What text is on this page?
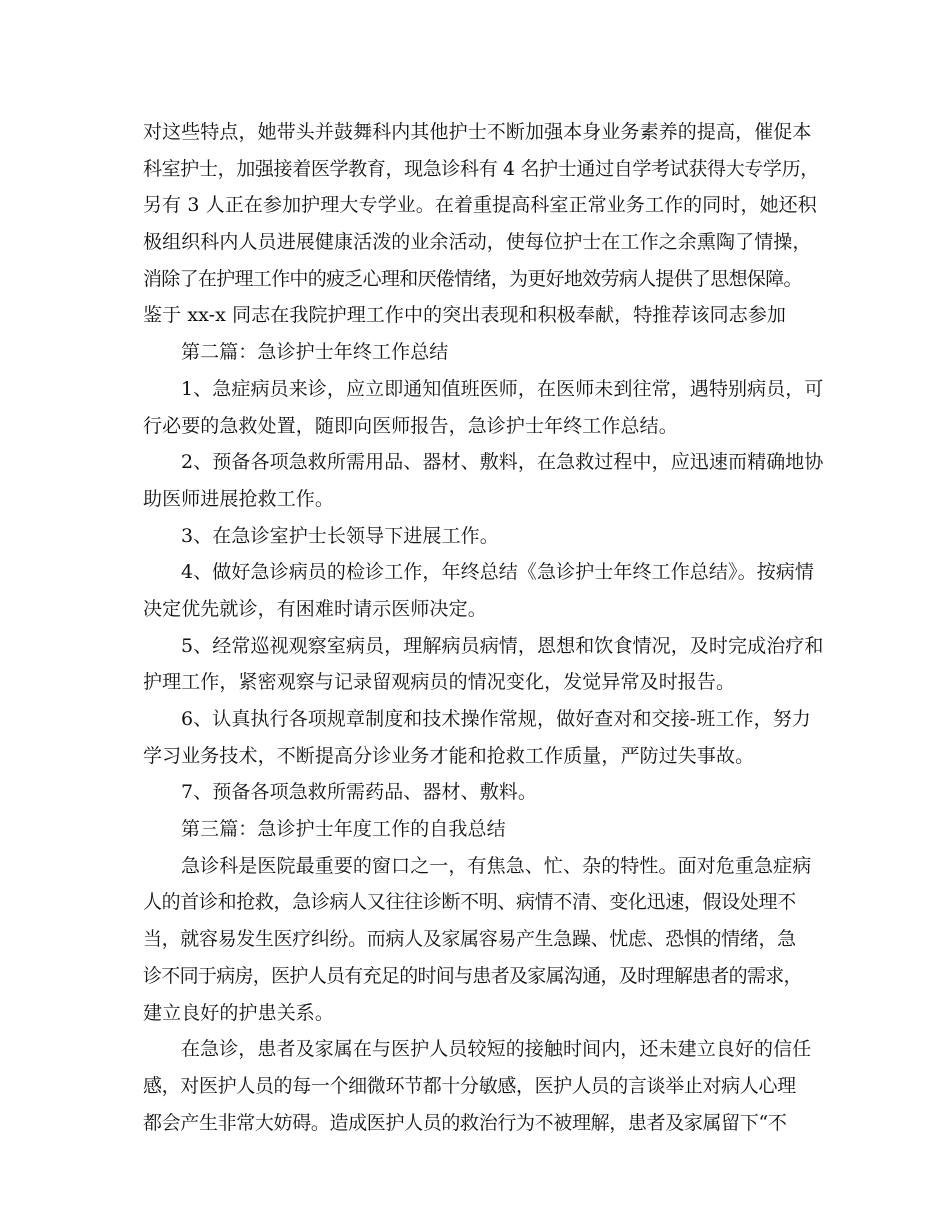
对这些特点，她带头并鼓舞科内其他护士不断加强本身业务素养的提高，催促本
科室护士，加强接着医学教育，现急诊科有 4 名护士通过自学考试获得大专学历，
另有 3 人正在参加护理大专学业。在着重提高科室正常业务工作的同时，她还积
极组织科内人员进展健康活泼的业余活动，使每位护士在工作之余熏陶了情操，
消除了在护理工作中的疲乏心理和厌倦情绪，为更好地效劳病人提供了思想保障。
鉴于 xx-x 同志在我院护理工作中的突出表现和积极奉献，特推荐该同志参加
第二篇：急诊护士年终工作总结
1、急症病员来诊，应立即通知值班医师，在医师未到往常，遇特别病员，可
行必要的急救处置，随即向医师报告，急诊护士年终工作总结。
2、预备各项急救所需用品、器材、敷料，在急救过程中，应迅速而精确地协
助医师进展抢救工作。
3、在急诊室护士长领导下进展工作。
4、做好急诊病员的检诊工作，年终总结《急诊护士年终工作总结》。按病情
决定优先就诊，有困难时请示医师决定。
5、经常巡视观察室病员，理解病员病情，恩想和饮食情况，及时完成治疗和
护理工作，紧密观察与记录留观病员的情况变化，发觉异常及时报告。
6、认真执行各项规章制度和技术操作常规，做好查对和交接-班工作，努力
学习业务技术，不断提高分诊业务才能和抢救工作质量，严防过失事故。
7、预备各项急救所需药品、器材、敷料。
第三篇：急诊护士年度工作的自我总结
急诊科是医院最重要的窗口之一，有焦急、忙、杂的特性。面对危重急症病
人的首诊和抢救，急诊病人又往往诊断不明、病情不清、变化迅速，假设处理不
当，就容易发生医疗纠纷。而病人及家属容易产生急躁、忧虑、恐惧的情绪，急
诊不同于病房，医护人员有充足的时间与患者及家属沟通，及时理解患者的需求，
建立良好的护患关系。
在急诊，患者及家属在与医护人员较短的接触时间内，还未建立良好的信任
感，对医护人员的每一个细微环节都十分敏感，医护人员的言谈举止对病人心理
都会产生非常大妨碍。造成医护人员的救治行为不被理解，患者及家属留下“不
